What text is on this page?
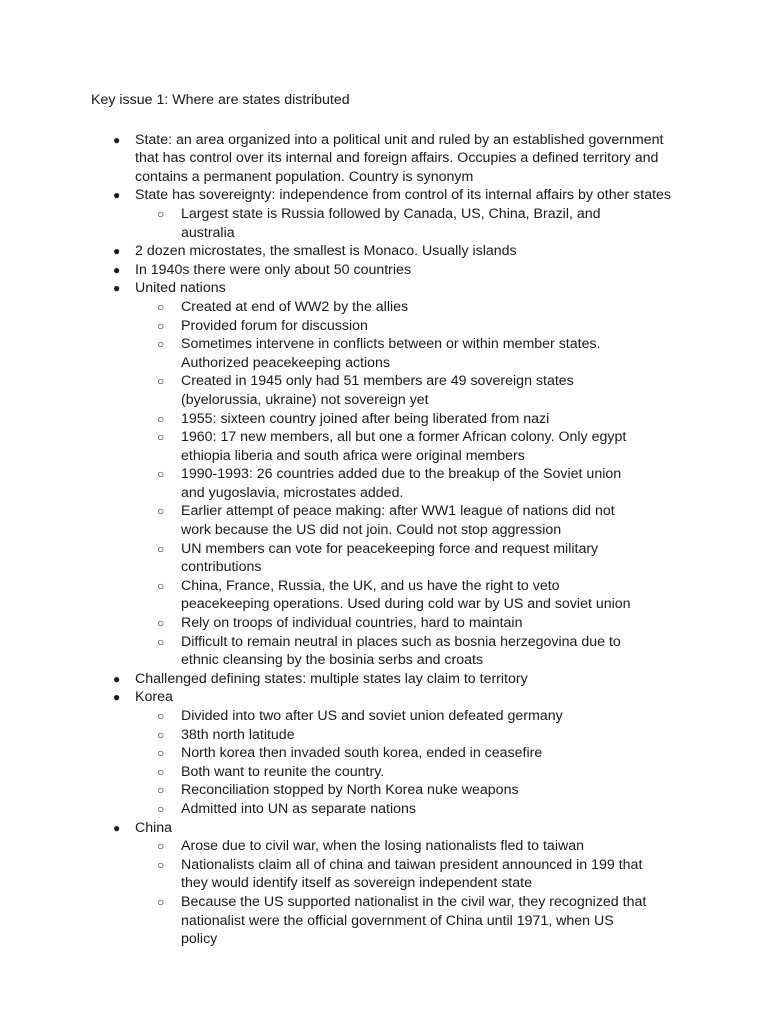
Key issue 1: Where are states distributed

● State: an area organized into a political unit and ruled by an established government that has control over its internal and foreign affairs. Occupies a defined territory and contains a permanent population. Country is synonym
● State has sovereignty: independence from control of its internal affairs by other states
○ Largest state is Russia followed by Canada, US, China, Brazil, and australia
● 2 dozen microstates, the smallest is Monaco. Usually islands
● In 1940s there were only about 50 countries
● United nations
○ Created at end of WW2 by the allies
○ Provided forum for discussion
○ Sometimes intervene in conflicts between or within member states. Authorized peacekeeping actions
○ Created in 1945 only had 51 members are 49 sovereign states (byelorussia, ukraine) not sovereign yet
○ 1955: sixteen country joined after being liberated from nazi
○ 1960: 17 new members, all but one a former African colony. Only egypt ethiopia liberia and south africa were original members
○ 1990-1993: 26 countries added due to the breakup of the Soviet union and yugoslavia, microstates added.
○ Earlier attempt of peace making: after WW1 league of nations did not work because the US did not join. Could not stop aggression
○ UN members can vote for peacekeeping force and request military contributions
○ China, France, Russia, the UK, and us have the right to veto peacekeeping operations. Used during cold war by US and soviet union
○ Rely on troops of individual countries, hard to maintain
○ Difficult to remain neutral in places such as bosnia herzegovina due to ethnic cleansing by the bosinia serbs and croats
● Challenged defining states: multiple states lay claim to territory
● Korea
○ Divided into two after US and soviet union defeated germany
○ 38th north latitude
○ North korea then invaded south korea, ended in ceasefire
○ Both want to reunite the country.
○ Reconciliation stopped by North Korea nuke weapons
○ Admitted into UN as separate nations
● China
○ Arose due to civil war, when the losing nationalists fled to taiwan
○ Nationalists claim all of china and taiwan president announced in 199 that they would identify itself as sovereign independent state
○ Because the US supported nationalist in the civil war, they recognized that nationalist were the official government of China until 1971, when US policy
